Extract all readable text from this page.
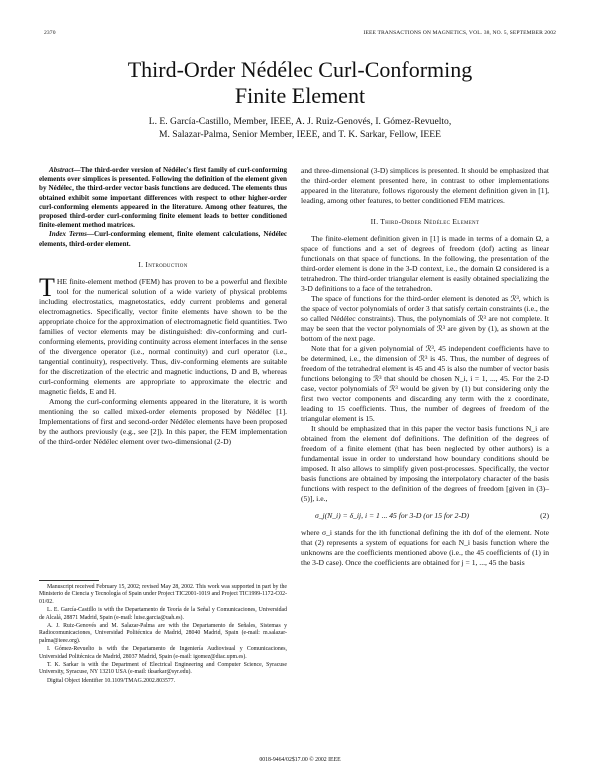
2370	IEEE TRANSACTIONS ON MAGNETICS, VOL. 38, NO. 5, SEPTEMBER 2002
Third-Order Nédélec Curl-Conforming
Finite Element
L. E. García-Castillo, Member, IEEE, A. J. Ruiz-Genovés, I. Gómez-Revuelto,
M. Salazar-Palma, Senior Member, IEEE, and T. K. Sarkar, Fellow, IEEE

Abstract—The third-order version of Nédélec's first family of curl-conforming elements over simplices is presented. Following the definition of the element given by Nédélec, the third-order vector basis functions are deduced. The elements thus obtained exhibit some important differences with respect to other higher-order curl-conforming elements appeared in the literature. Among other features, the proposed third-order curl-conforming finite element leads to better conditioned finite-element method matrices.

Index Terms—Curl-conforming element, finite element calculations, Nédélec elements, third-order element.

I. Introduction

THE finite-element method (FEM) has proven to be a powerful and flexible tool for the numerical solution of a wide variety of physical problems including electrostatics, magnetostatics, eddy current problems and general electromagnetics. Specifically, vector finite elements have shown to be the appropriate choice for the approximation of electromagnetic field quantities. Two families of vector elements may be distinguished: div-conforming and curl-conforming elements, providing continuity across element interfaces in the sense of the divergence operator (i.e., normal continuity) and curl operator (i.e., tangential continuity), respectively. Thus, div-conforming elements are suitable for the discretization of the electric and magnetic inductions, D and B, whereas curl-conforming elements are appropriate to approximate the electric and magnetic fields, E and H.

Among the curl-conforming elements appeared in the literature, it is worth mentioning the so called mixed-order elements proposed by Nédélec [1]. Implementations of first and second-order Nédélec elements have been proposed by the authors previously (e.g., see [2]). In this paper, the FEM implementation of the third-order Nédélec element over two-dimensional (2-D)

Manuscript received February 15, 2002; revised May 28, 2002. This work was supported in part by the Ministerio de Ciencia y Tecnología of Spain under Project TIC2001-1019 and Project TIC1999-1172-C02-01/02.

L. E. García-Castillo is with the Departamento de Teoría de la Señal y Comunicaciones, Universidad de Alcalá, 28871 Madrid, Spain (e-mail: luise.garcia@uah.es).

A. J. Ruiz-Genovés and M. Salazar-Palma are with the Departamento de Señales, Sistemas y Radiocomunicaciones, Universidad Politécnica de Madrid, 28040 Madrid, Spain (e-mail: m.salazar-palma@ieee.org).

I. Gómez-Revuelto is with the Departamento de Ingeniería Audiovisual y Comunicaciones, Universidad Politécnica de Madrid, 28037 Madrid, Spain (e-mail: igomez@diac.upm.es).

T. K. Sarkar is with the Department of Electrical Engineering and Computer Science, Syracuse University, Syracuse, NY 13210 USA (e-mail: tksarkar@syr.edu).

Digital Object Identifier 10.1109/TMAG.2002.803577.

and three-dimensional (3-D) simplices is presented. It should be emphasized that the third-order element presented here, in contrast to other implementations appeared in the literature, follows rigorously the element definition given in [1], leading, among other features, to better conditioned FEM matrices.

II. Third-Order Nédélec Element

The finite-element definition given in [1] is made in terms of a domain Ω, a space of functions and a set of degrees of freedom (dof) acting as linear functionals on that space of functions. In the following, the presentation of the third-order element is done in the 3-D context, i.e., the domain Ω considered is a tetrahedron. The third-order triangular element is easily obtained specializing the 3-D definitions to a face of the tetrahedron.

The space of functions for the third-order element is denoted as ℛ³, which is the space of vector polynomials of order 3 that satisfy certain constraints (i.e., the so called Nédélec constraints). Thus, the polynomials of ℛ³ are not complete. It may be seen that the vector polynomials of ℛ³ are given by (1), as shown at the bottom of the next page.

Note that for a given polynomial of ℛ³, 45 independent coefficients have to be determined, i.e., the dimension of ℛ³ is 45. Thus, the number of degrees of freedom of the tetrahedral element is 45 and 45 is also the number of vector basis functions belonging to ℛ³ that should be chosen N_i, i = 1, ..., 45. For the 2-D case, vector polynomials of ℛ³ would be given by (1) but considering only the first two vector components and discarding any term with the z coordinate, leading to 15 coefficients. Thus, the number of degrees of freedom of the triangular element is 15.

It should be emphasized that in this paper the vector basis functions N_i are obtained from the element dof definitions. The definition of the degrees of freedom of a finite element (that has been neglected by other authors) is a fundamental issue in order to understand how boundary conditions should be imposed. It also allows to simplify given post-processes. Specifically, the vector basis functions are obtained by imposing the interpolatory character of the basis functions with respect to the definition of the degrees of freedom [given in (3)–(5)], i.e.,

σ_j(N_i) = δ_ij, i = 1 ... 45 for 3-D (or 15 for 2-D)	(2)

where σ_i stands for the ith functional defining the ith dof of the element. Note that (2) represents a system of equations for each N_i basis function where the unknowns are the coefficients mentioned above (i.e., the 45 coefficients of (1) in the 3-D case). Once the coefficients are obtained for j = 1, ..., 45 the basis

0018-9464/02$17.00 © 2002 IEEE
